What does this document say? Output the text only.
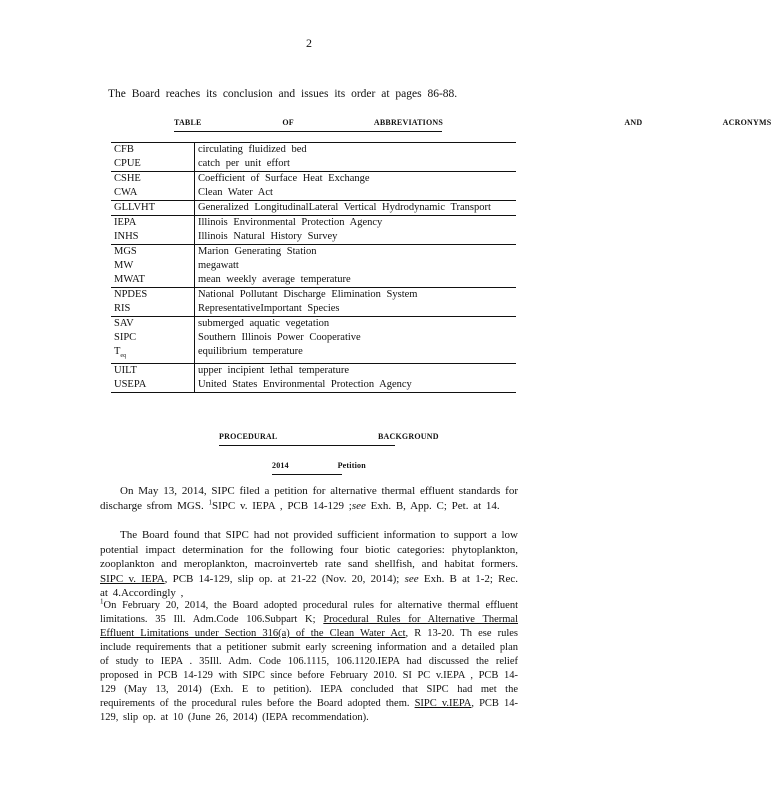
2
The Board reaches its conclusion and issues its order at pages 86-88.
TABLE    OF    ABBREVIATIONS         AND    ACRONYMS
CFB	circulating fluidized bed
CPUE	catch per unit effort
CSHE	Coefficient of Surface Heat Exchange
CWA	Clean Water Act
GLLVHT	Generalized LongitudinalLateral Vertical Hydrodynamic Transport
IEPA	Illinois Environmental Protection Agency
INHS	Illinois Natural History Survey
MGS	Marion Generating Station
MW	megawatt
MWAT	mean weekly average temperature
NPDES	National Pollutant Discharge Elimination System
RIS	RepresentativeImportant Species
SAV	submerged aquatic vegetation
SIPC	Southern Illinois Power Cooperative
$T_{eq}$	equilibrium temperature
UILT	upper incipient lethal temperature
USEPA	United States Environmental Protection Agency
PROCEDURAL     BACKGROUND
2014    Petition
On May 13, 2014, SIPC filed a petition for alternative thermal effluent standards for discharge sfrom MGS. $^1$SIPC v. IEPA , PCB 14-129 ;see Exh. B, App. C; Pet. at 14.
The Board found that SIPC had not provided sufficient information to support a low potential impact determination for the following four biotic categories: phytoplankton, zooplankton and meroplankton, macroinverteb rate sand shellfish, and habitat formers. SIPC v. IEPA, PCB 14-129, slip op. at 21-22 (Nov. 20, 2014); see Exh. B at 1-2; Rec. at 4.Accordingly ,
$^1$On February 20, 2014, the Board adopted procedural rules for alternative thermal effluent limitations. 35 Ill. Adm.Code 106.Subpart K; Procedural Rules for Alternative Thermal Effluent Limitations under Section 316(a) of the Clean Water Act, R 13-20. Th ese rules include requirements that a petitioner submit early screening information and a detailed plan of study to IEPA . 35Ill. Adm. Code 106.1115, 106.1120.IEPA had discussed the relief proposed in PCB 14-129 with SIPC since before February 2010. SI PC v.IEPA , PCB 14-129 (May 13, 2014) (Exh. E to petition). IEPA concluded that SIPC had met the requirements of the procedural rules before the Board adopted them. SIPC v.IEPA, PCB 14-129, slip op. at 10 (June 26, 2014) (IEPA recommendation).
